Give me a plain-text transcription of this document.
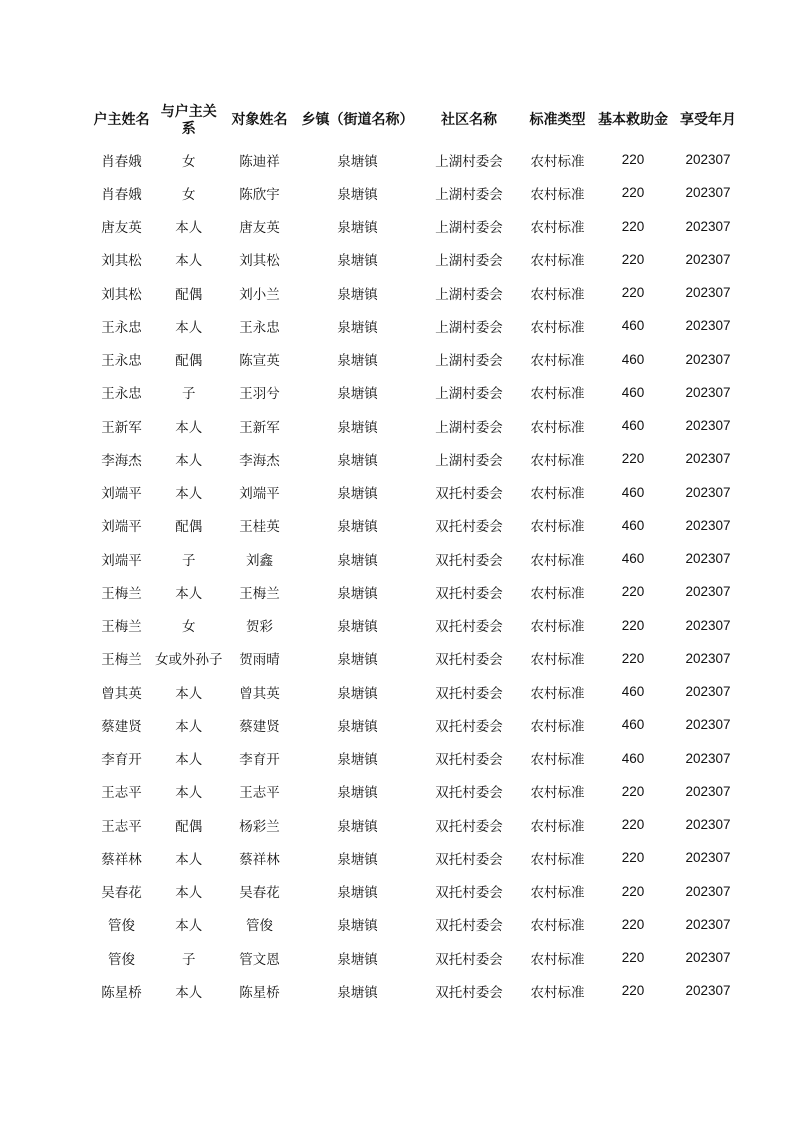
户主姓名	与户主关系	对象姓名	乡镇（街道名称）	社区名称	标准类型	基本救助金	享受年月
肖春娥	女	陈迪祥	泉塘镇	上湖村委会	农村标准	220	202307
肖春娥	女	陈欣宇	泉塘镇	上湖村委会	农村标准	220	202307
唐友英	本人	唐友英	泉塘镇	上湖村委会	农村标准	220	202307
刘其松	本人	刘其松	泉塘镇	上湖村委会	农村标准	220	202307
刘其松	配偶	刘小兰	泉塘镇	上湖村委会	农村标准	220	202307
王永忠	本人	王永忠	泉塘镇	上湖村委会	农村标准	460	202307
王永忠	配偶	陈宣英	泉塘镇	上湖村委会	农村标准	460	202307
王永忠	子	王羽兮	泉塘镇	上湖村委会	农村标准	460	202307
王新军	本人	王新军	泉塘镇	上湖村委会	农村标准	460	202307
李海杰	本人	李海杰	泉塘镇	上湖村委会	农村标准	220	202307
刘端平	本人	刘端平	泉塘镇	双托村委会	农村标准	460	202307
刘端平	配偶	王桂英	泉塘镇	双托村委会	农村标准	460	202307
刘端平	子	刘鑫	泉塘镇	双托村委会	农村标准	460	202307
王梅兰	本人	王梅兰	泉塘镇	双托村委会	农村标准	220	202307
王梅兰	女	贺彩	泉塘镇	双托村委会	农村标准	220	202307
王梅兰	女或外孙子	贺雨晴	泉塘镇	双托村委会	农村标准	220	202307
曾其英	本人	曾其英	泉塘镇	双托村委会	农村标准	460	202307
蔡建贤	本人	蔡建贤	泉塘镇	双托村委会	农村标准	460	202307
李育开	本人	李育开	泉塘镇	双托村委会	农村标准	460	202307
王志平	本人	王志平	泉塘镇	双托村委会	农村标准	220	202307
王志平	配偶	杨彩兰	泉塘镇	双托村委会	农村标准	220	202307
蔡祥林	本人	蔡祥林	泉塘镇	双托村委会	农村标准	220	202307
吴春花	本人	吴春花	泉塘镇	双托村委会	农村标准	220	202307
管俊	本人	管俊	泉塘镇	双托村委会	农村标准	220	202307
管俊	子	管文恩	泉塘镇	双托村委会	农村标准	220	202307
陈星桥	本人	陈星桥	泉塘镇	双托村委会	农村标准	220	202307
